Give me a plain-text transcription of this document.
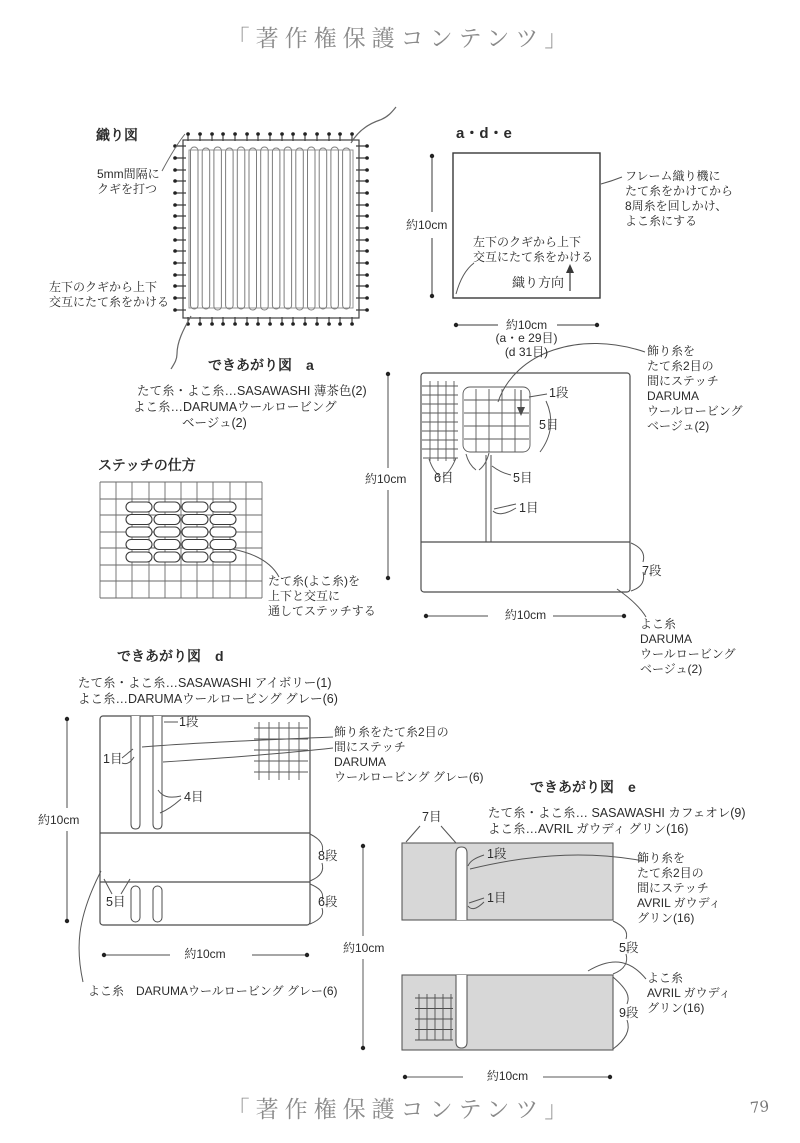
「著作権保護コンテンツ」
織り図
5mm間隔に
クギを打つ
左下のクギから上下
交互にたて糸をかける
a・d・e
約10cm
左下のクギから上下
交互にたて糸をかける
織り方向
フレーム織り機に
たて糸をかけてから
8周糸を回しかけ、
よこ糸にする
約10cm
(a・e 29目)
(d 31目)
できあがり図　a
たて糸・よこ糸…SASAWASHI 薄茶色(2)
よこ糸…DARUMAウールロービング
ベージュ(2)
ステッチの仕方
たて糸(よこ糸)を
上下と交互に
通してステッチする
1段
5目
6目	5目
1目
7段
飾り糸を
たて糸2目の
間にステッチ
DARUMA
ウールロービング
ベージュ(2)
約10cm
約10cm
よこ糸
DARUMA
ウールロービング
ベージュ(2)
できあがり図　d
たて糸・よこ糸…SASAWASHI アイボリー(1)
よこ糸…DARUMAウールロービング グレー(6)
1段
1目
4目
5目
8段
6段
飾り糸をたて糸2目の
間にステッチ
DARUMA
ウールロービング グレー(6)
約10cm
約10cm
よこ糸　DARUMAウールロービング グレー(6)
できあがり図　e
たて糸・よこ糸… SASAWASHI カフェオレ(9)
よこ糸…AVRIL ガウディ グリン(16)
7目
1段
1目
5段
9段
飾り糸を
たて糸2目の
間にステッチ
AVRIL ガウディ
グリン(16)
よこ糸
AVRIL ガウディ
グリン(16)
約10cm
約10cm
「著作権保護コンテンツ」	79
